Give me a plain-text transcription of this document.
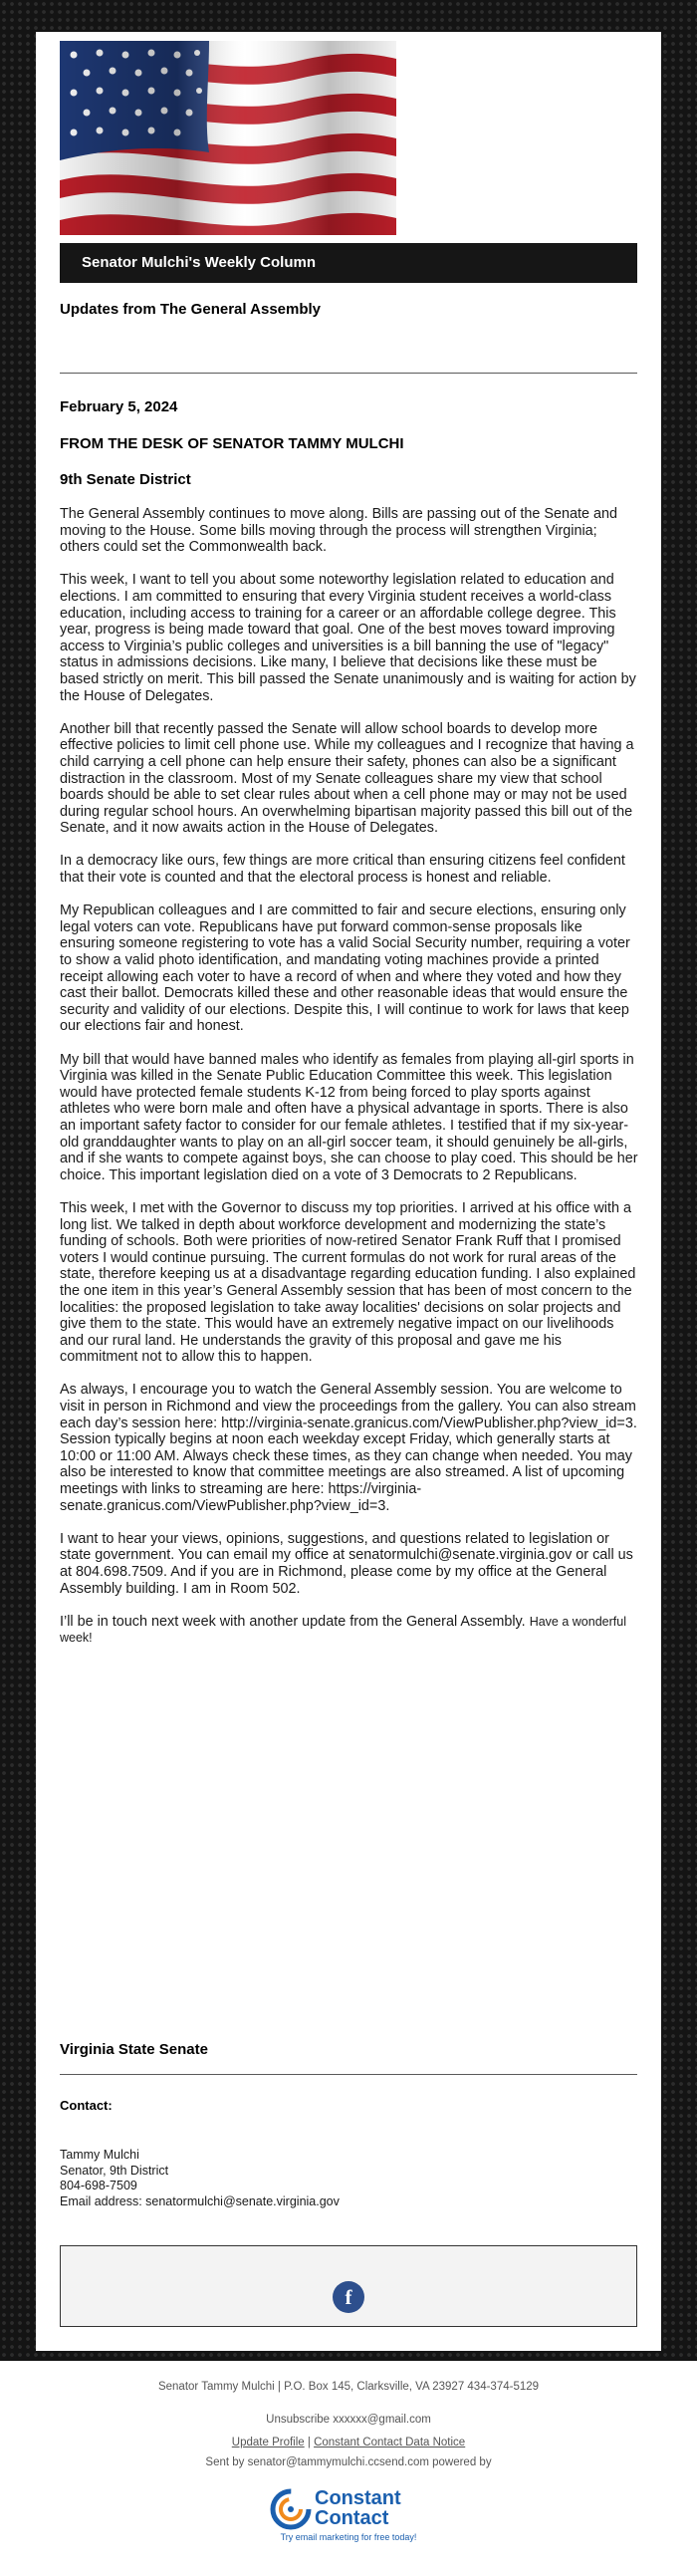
Senator Mulchi's Weekly Column
Updates from The General Assembly
February 5, 2024
FROM THE DESK OF SENATOR TAMMY MULCHI
9th Senate District

The General Assembly continues to move along. Bills are passing out of the Senate and moving to the House. Some bills moving through the process will strengthen Virginia; others could set the Commonwealth back.

This week, I want to tell you about some noteworthy legislation related to education and elections. I am committed to ensuring that every Virginia student receives a world-class education, including access to training for a career or an affordable college degree. This year, progress is being made toward that goal. One of the best moves toward improving access to Virginia’s public colleges and universities is a bill banning the use of "legacy" status in admissions decisions. Like many, I believe that decisions like these must be based strictly on merit. This bill passed the Senate unanimously and is waiting for action by the House of Delegates.

Another bill that recently passed the Senate will allow school boards to develop more effective policies to limit cell phone use. While my colleagues and I recognize that having a child carrying a cell phone can help ensure their safety, phones can also be a significant distraction in the classroom. Most of my Senate colleagues share my view that school boards should be able to set clear rules about when a cell phone may or may not be used during regular school hours. An overwhelming bipartisan majority passed this bill out of the Senate, and it now awaits action in the House of Delegates.

In a democracy like ours, few things are more critical than ensuring citizens feel confident that their vote is counted and that the electoral process is honest and reliable.

My Republican colleagues and I are committed to fair and secure elections, ensuring only legal voters can vote. Republicans have put forward common-sense proposals like ensuring someone registering to vote has a valid Social Security number, requiring a voter to show a valid photo identification, and mandating voting machines provide a printed receipt allowing each voter to have a record of when and where they voted and how they cast their ballot. Democrats killed these and other reasonable ideas that would ensure the security and validity of our elections. Despite this, I will continue to work for laws that keep our elections fair and honest.

My bill that would have banned males who identify as females from playing all-girl sports in Virginia was killed in the Senate Public Education Committee this week. This legislation would have protected female students K-12 from being forced to play sports against athletes who were born male and often have a physical advantage in sports. There is also an important safety factor to consider for our female athletes. I testified that if my six-year-old granddaughter wants to play on an all-girl soccer team, it should genuinely be all-girls, and if she wants to compete against boys, she can choose to play coed. This should be her choice. This important legislation died on a vote of 3 Democrats to 2 Republicans.

This week, I met with the Governor to discuss my top priorities. I arrived at his office with a long list. We talked in depth about workforce development and modernizing the state’s funding of schools. Both were priorities of now-retired Senator Frank Ruff that I promised voters I would continue pursuing. The current formulas do not work for rural areas of the state, therefore keeping us at a disadvantage regarding education funding. I also explained the one item in this year’s General Assembly session that has been of most concern to the localities: the proposed legislation to take away localities' decisions on solar projects and give them to the state. This would have an extremely negative impact on our livelihoods and our rural land. He understands the gravity of this proposal and gave me his commitment not to allow this to happen.

As always, I encourage you to watch the General Assembly session. You are welcome to visit in person in Richmond and view the proceedings from the gallery. You can also stream each day’s session here: http://virginia-senate.granicus.com/ViewPublisher.php?view_id=3. Session typically begins at noon each weekday except Friday, which generally starts at 10:00 or 11:00 AM. Always check these times, as they can change when needed. You may also be interested to know that committee meetings are also streamed. A list of upcoming meetings with links to streaming are here: https://virginia-senate.granicus.com/ViewPublisher.php?view_id=3.

I want to hear your views, opinions, suggestions, and questions related to legislation or state government. You can email my office at senatormulchi@senate.virginia.gov or call us at 804.698.7509. And if you are in Richmond, please come by my office at the General Assembly building. I am in Room 502.

I’ll be in touch next week with another update from the General Assembly. Have a wonderful week!

Virginia State Senate
Contact:
Tammy Mulchi
Senator, 9th District
804-698-7509
Email address: senatormulchi@senate.virginia.gov
f
Senator Tammy Mulchi | P.O. Box 145, Clarksville, VA 23927 434-374-5129
Unsubscribe xxxxxx@gmail.com
Update Profile | Constant Contact Data Notice
Sent by senator@tammymulchi.ccsend.com powered by
Constant
Contact
Try email marketing for free today!
